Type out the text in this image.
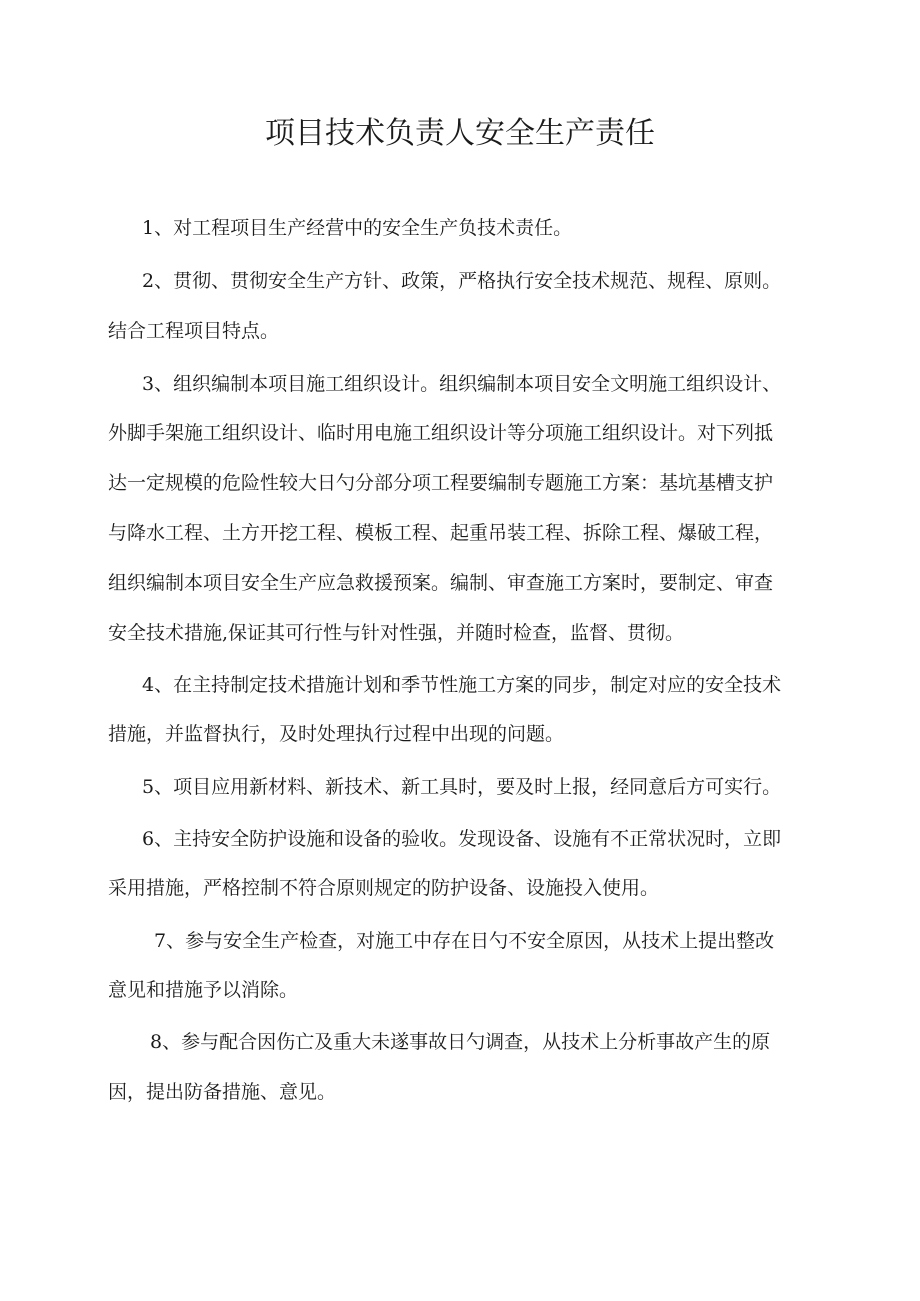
项目技术负责人安全生产责任

1、对工程项目生产经营中的安全生产负技术责任。

2、贯彻、贯彻安全生产方针、政策，严格执行安全技术规范、规程、原则。

结合工程项目特点。

3、组织编制本项目施工组织设计。组织编制本项目安全文明施工组织设计、

外脚手架施工组织设计、临时用电施工组织设计等分项施工组织设计。对下列抵

达一定规模的危险性较大日勺分部分项工程要编制专题施工方案：基坑基槽支护

与降水工程、土方开挖工程、模板工程、起重吊装工程、拆除工程、爆破工程，

组织编制本项目安全生产应急救援预案。编制、审查施工方案时，要制定、审查

安全技术措施,保证其可行性与针对性强，并随时检查，监督、贯彻。

4、在主持制定技术措施计划和季节性施工方案的同步，制定对应的安全技术

措施，并监督执行，及时处理执行过程中出现的问题。

5、项目应用新材料、新技术、新工具时，要及时上报，经同意后方可实行。

6、主持安全防护设施和设备的验收。发现设备、设施有不正常状况时，立即

采用措施，严格控制不符合原则规定的防护设备、设施投入使用。

7、参与安全生产检查，对施工中存在日勺不安全原因，从技术上提出整改

意见和措施予以消除。

8、参与配合因伤亡及重大未遂事故日勺调查，从技术上分析事故产生的原

因，提出防备措施、意见。
